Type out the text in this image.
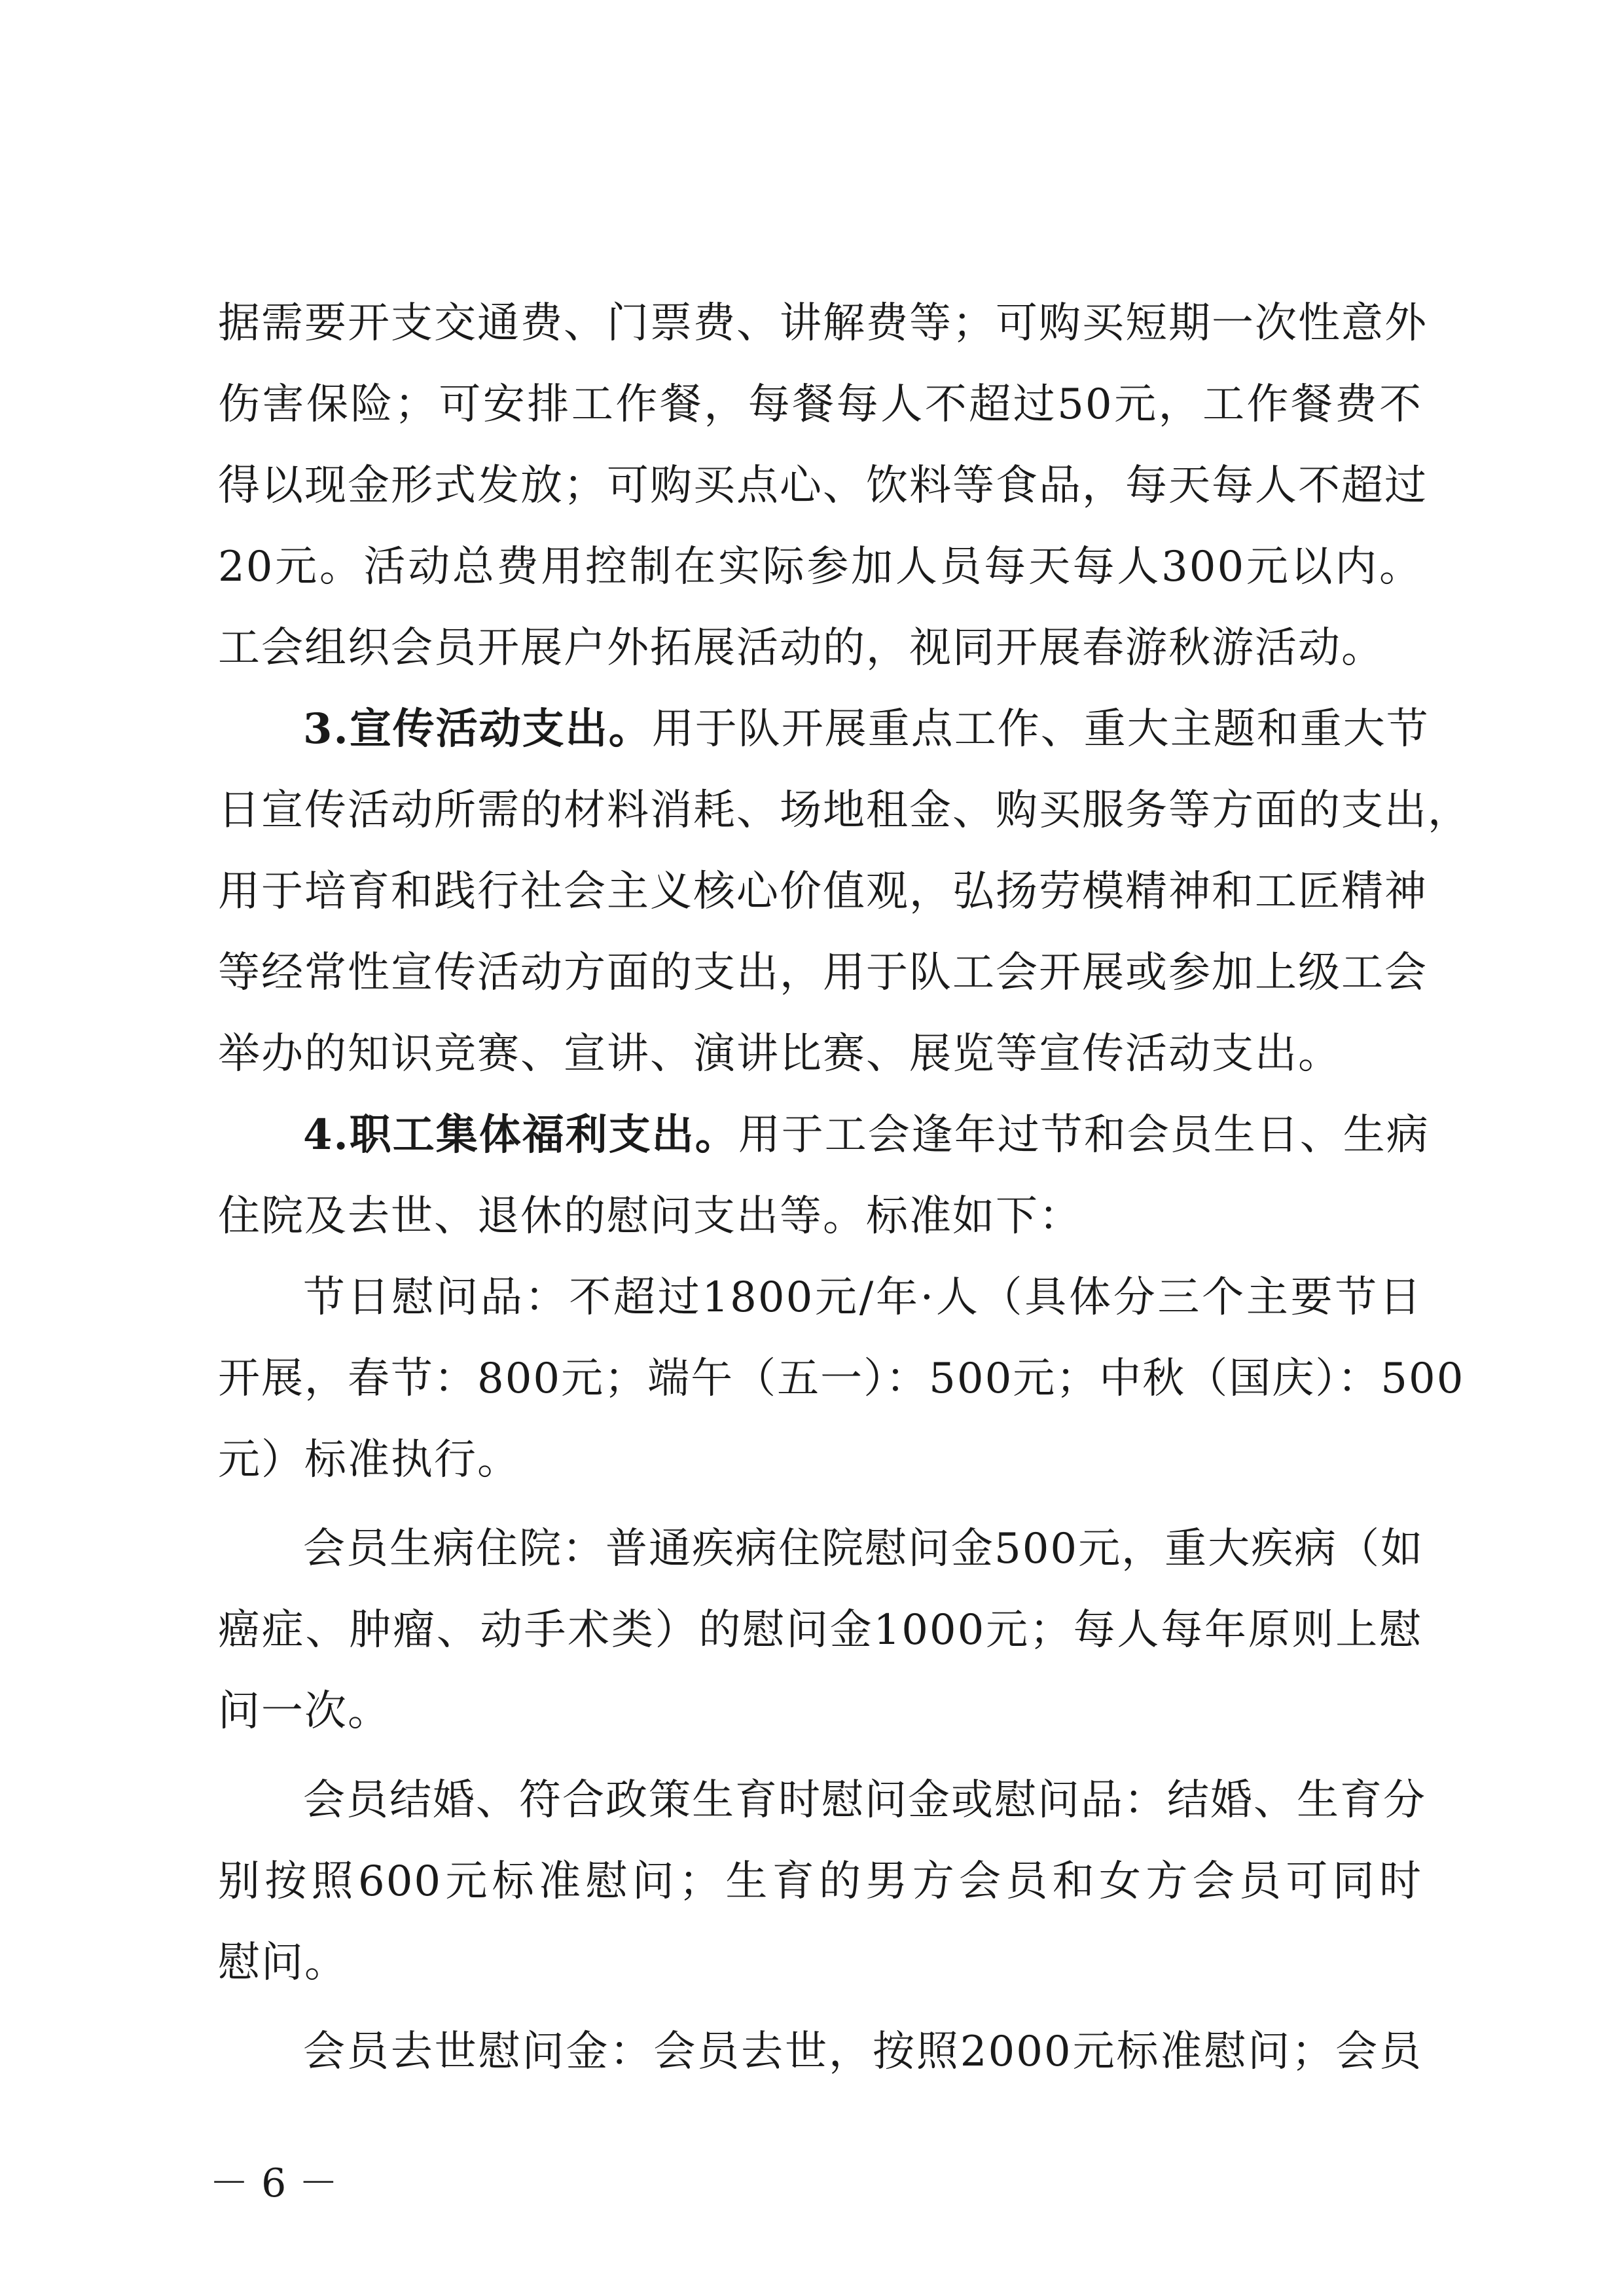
据需要开支交通费、门票费、讲解费等；可购买短期一次性意外
伤害保险；可安排工作餐，每餐每人不超过50元，工作餐费不
得以现金形式发放；可购买点心、饮料等食品，每天每人不超过
20元。活动总费用控制在实际参加人员每天每人300元以内。
工会组织会员开展户外拓展活动的，视同开展春游秋游活动。
3.宣传活动支出。用于队开展重点工作、重大主题和重大节
日宣传活动所需的材料消耗、场地租金、购买服务等方面的支出，
用于培育和践行社会主义核心价值观，弘扬劳模精神和工匠精神
等经常性宣传活动方面的支出，用于队工会开展或参加上级工会
举办的知识竞赛、宣讲、演讲比赛、展览等宣传活动支出。
4.职工集体福利支出。用于工会逢年过节和会员生日、生病
住院及去世、退休的慰问支出等。标准如下：
节日慰问品：不超过1800元/年·人（具体分三个主要节日
开展，春节：800元；端午（五一）：500元；中秋（国庆）：500
元）标准执行。
会员生病住院：普通疾病住院慰问金500元，重大疾病（如
癌症、肿瘤、动手术类）的慰问金1000元；每人每年原则上慰
问一次。
会员结婚、符合政策生育时慰问金或慰问品：结婚、生育分
别按照600元标准慰问；生育的男方会员和女方会员可同时
慰问。
会员去世慰问金：会员去世，按照2000元标准慰问；会员
－ 6 －
